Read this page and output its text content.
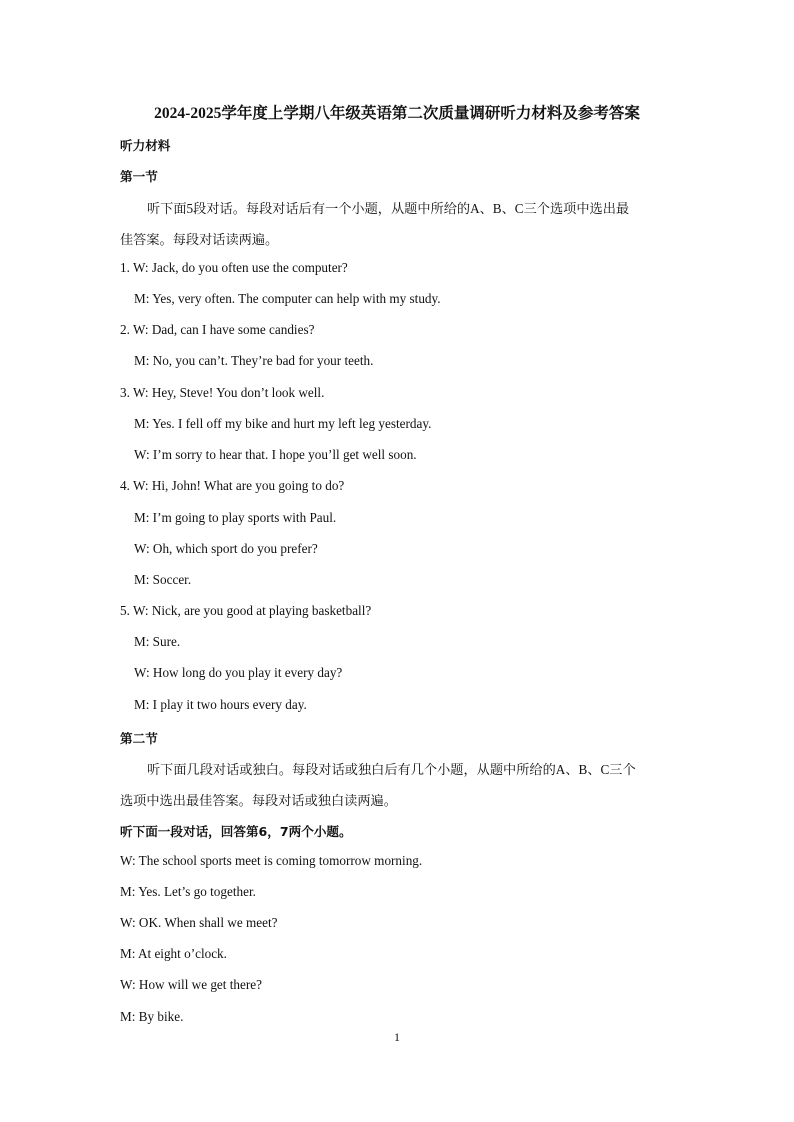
2024-2025学年度上学期八年级英语第二次质量调研听力材料及参考答案
听力材料
第一节
听下面5段对话。每段对话后有一个小题，从题中所给的A、B、C三个选项中选出最
佳答案。每段对话读两遍。
1. W: Jack, do you often use the computer?
M: Yes, very often. The computer can help with my study.
2. W: Dad, can I have some candies?
M: No, you can’t. They’re bad for your teeth.
3. W: Hey, Steve! You don’t look well.
M: Yes. I fell off my bike and hurt my left leg yesterday.
W: I’m sorry to hear that. I hope you’ll get well soon.
4. W: Hi, John! What are you going to do?
M: I’m going to play sports with Paul.
W: Oh, which sport do you prefer?
M: Soccer.
5. W: Nick, are you good at playing basketball?
M: Sure.
W: How long do you play it every day?
M: I play it two hours every day.
第二节
听下面几段对话或独白。每段对话或独白后有几个小题，从题中所给的A、B、C三个
选项中选出最佳答案。每段对话或独白读两遍。
听下面一段对话，回答第6，7两个小题。
W: The school sports meet is coming tomorrow morning.
M: Yes. Let’s go together.
W: OK. When shall we meet?
M: At eight o’clock.
W: How will we get there?
M: By bike.
1
